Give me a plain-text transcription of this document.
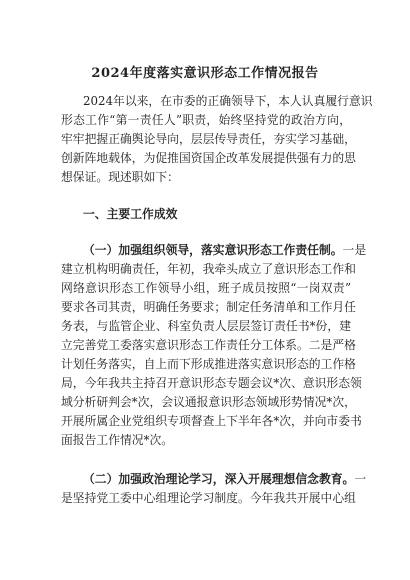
2024年度落实意识形态工作情况报告
2024年以来，在市委的正确领导下，本人认真履行意识
形态工作“第一责任人”职责，始终坚持党的政治方向，
牢牢把握正确舆论导向，层层传导责任，夯实学习基础，
创新阵地载体，为促推国资国企改革发展提供强有力的思
想保证。现述职如下：
一、主要工作成效
（一）加强组织领导，落实意识形态工作责任制。一是
建立机构明确责任，年初，我牵头成立了意识形态工作和
网络意识形态工作领导小组，班子成员按照“一岗双责”
要求各司其责，明确任务要求；制定任务清单和工作月任
务表，与监管企业、科室负责人层层签订责任书*份，建
立完善党工委落实意识形态工作责任分工体系。二是严格
计划任务落实，自上而下形成推进落实意识形态的工作格
局，今年我共主持召开意识形态专题会议*次、意识形态领
域分析研判会*次，会议通报意识形态领域形势情况*次，
开展所属企业党组织专项督查上下半年各*次，并向市委书
面报告工作情况*次。
（二）加强政治理论学习，深入开展理想信念教育。一
是坚持党工委中心组理论学习制度。今年我共开展中心组
